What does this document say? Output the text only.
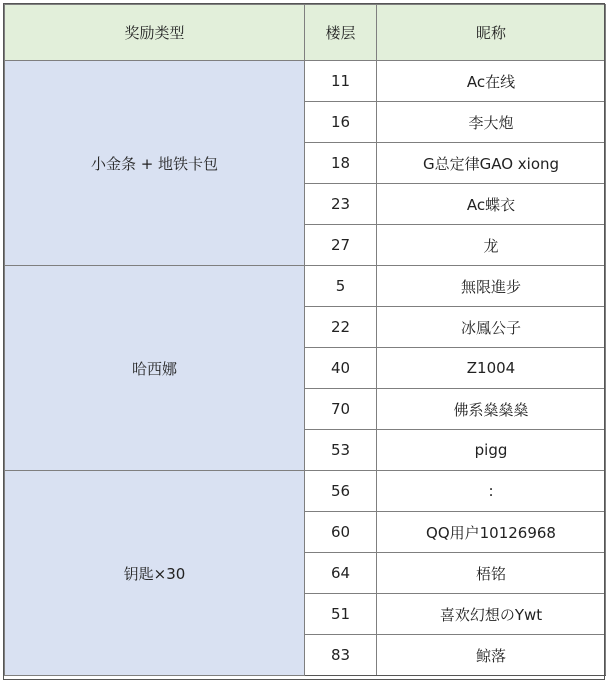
奖励类型	楼层	昵称
小金条 + 地铁卡包	11	Ac在线
	16	李大炮
	18	G总定律GAO xiong
	23	Ac蝶衣
	27	龙
哈西娜	5	無限進步
	22	冰鳳公子
	40	Z1004
	70	佛系燊燊燊
	53	pigg
钥匙×30	56	:
	60	QQ用户10126968
	64	梧铭
	51	喜欢幻想のYwt
	83	鲸落
